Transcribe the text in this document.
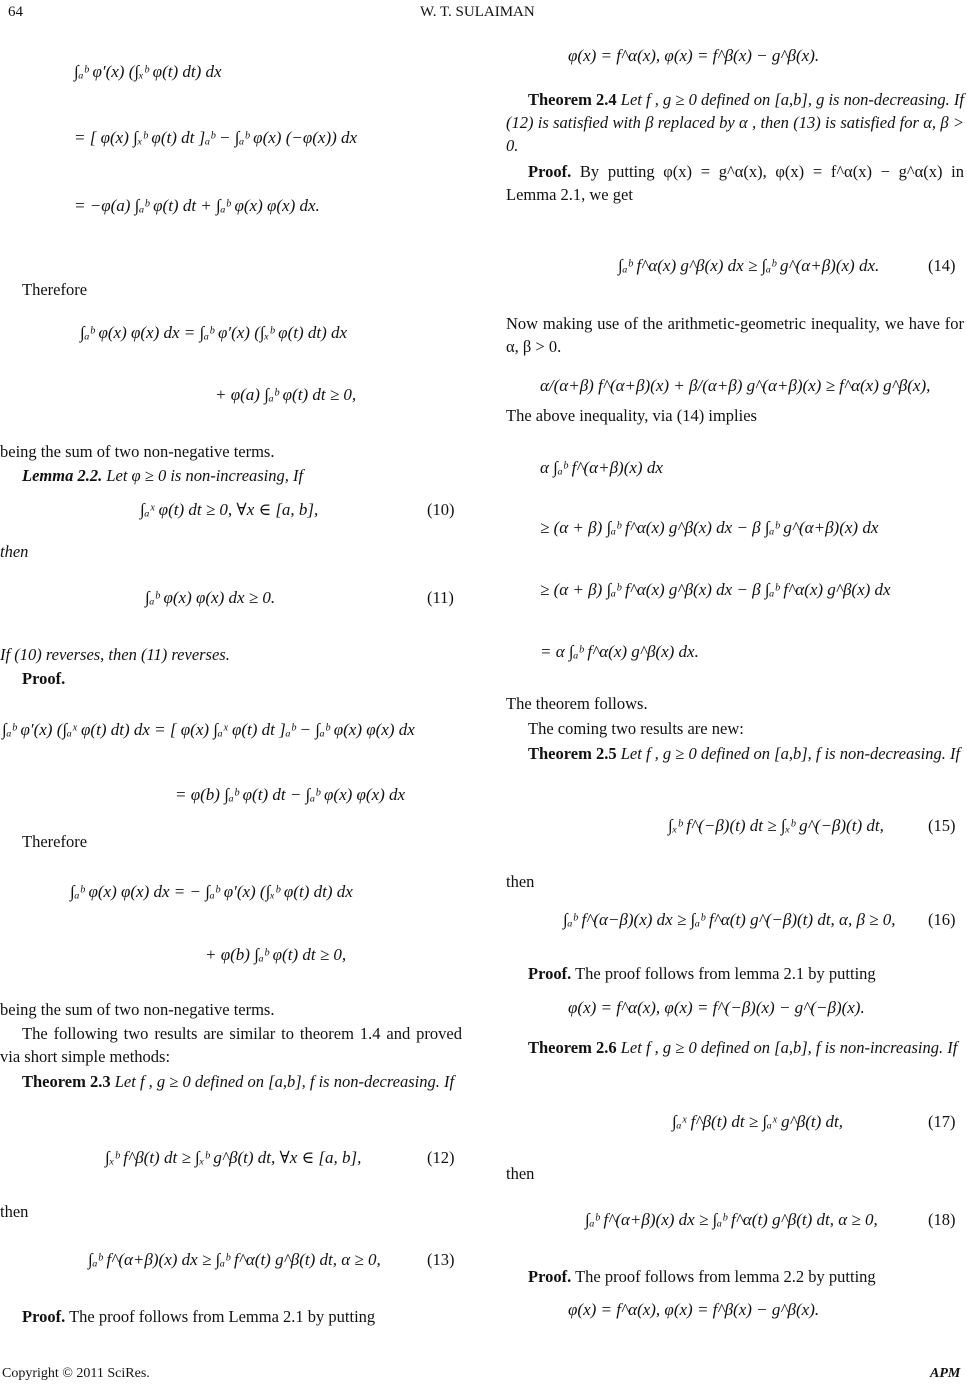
64	W. T. SULAIMAN
∫ₐᵇ φ′(x) (∫ₓᵇ φ(t) dt) dx
= [ φ(x) ∫ₓᵇ φ(t) dt ]ₐᵇ − ∫ₐᵇ φ(x) (−φ(x)) dx
= −φ(a) ∫ₐᵇ φ(t) dt + ∫ₐᵇ φ(x) φ(x) dx.
Therefore
∫ₐᵇ φ(x) φ(x) dx = ∫ₐᵇ φ′(x) (∫ₓᵇ φ(t) dt) dx
+ φ(a) ∫ₐᵇ φ(t) dt ≥ 0,
being the sum of two non-negative terms.
Lemma 2.2. Let φ ≥ 0 is non-increasing, If
∫ₐˣ φ(t) dt ≥ 0, ∀x ∈ [a, b],	(10)
then
∫ₐᵇ φ(x) φ(x) dx ≥ 0.	(11)
If (10) reverses, then (11) reverses.
Proof.
∫ₐᵇ φ′(x) (∫ₐˣ φ(t) dt) dx = [ φ(x) ∫ₐˣ φ(t) dt ]ₐᵇ − ∫ₐᵇ φ(x) φ(x) dx
= φ(b) ∫ₐᵇ φ(t) dt − ∫ₐᵇ φ(x) φ(x) dx
Therefore
∫ₐᵇ φ(x) φ(x) dx = − ∫ₐᵇ φ′(x) (∫ₓᵇ φ(t) dt) dx
+ φ(b) ∫ₐᵇ φ(t) dt ≥ 0,
being the sum of two non-negative terms.
The following two results are similar to theorem 1.4 and proved via short simple methods:
Theorem 2.3 Let f , g ≥ 0 defined on [a,b], f is non-decreasing. If
∫ₓᵇ f^β(t) dt ≥ ∫ₓᵇ g^β(t) dt, ∀x ∈ [a, b],	(12)
then
∫ₐᵇ f^(α+β)(x) dx ≥ ∫ₐᵇ f^α(t) g^β(t) dt, α ≥ 0,	(13)
Proof. The proof follows from Lemma 2.1 by putting
φ(x) = f^α(x), φ(x) = f^β(x) − g^β(x).
Theorem 2.4 Let f , g ≥ 0 defined on [a,b], g is non-decreasing. If (12) is satisfied with β replaced by α , then (13) is satisfied for α, β > 0.
Proof. By putting φ(x) = g^α(x), φ(x) = f^α(x) − g^α(x) in Lemma 2.1, we get
∫ₐᵇ f^α(x) g^β(x) dx ≥ ∫ₐᵇ g^(α+β)(x) dx.	(14)
Now making use of the arithmetic-geometric inequality, we have for α, β > 0.
α/(α+β) f^(α+β)(x) + β/(α+β) g^(α+β)(x) ≥ f^α(x) g^β(x),
The above inequality, via (14) implies
α ∫ₐᵇ f^(α+β)(x) dx
≥ (α + β) ∫ₐᵇ f^α(x) g^β(x) dx − β ∫ₐᵇ g^(α+β)(x) dx
≥ (α + β) ∫ₐᵇ f^α(x) g^β(x) dx − β ∫ₐᵇ f^α(x) g^β(x) dx
= α ∫ₐᵇ f^α(x) g^β(x) dx.
The theorem follows.
The coming two results are new:
Theorem 2.5 Let f , g ≥ 0 defined on [a,b], f is non-decreasing. If
∫ₓᵇ f^(−β)(t) dt ≥ ∫ₓᵇ g^(−β)(t) dt,	(15)
then
∫ₐᵇ f^(α−β)(x) dx ≥ ∫ₐᵇ f^α(t) g^(−β)(t) dt, α, β ≥ 0, (16)
Proof. The proof follows from lemma 2.1 by putting
φ(x) = f^α(x), φ(x) = f^(−β)(x) − g^(−β)(x).
Theorem 2.6 Let f , g ≥ 0 defined on [a,b], f is non-increasing. If
∫ₐˣ f^β(t) dt ≥ ∫ₐˣ g^β(t) dt,	(17)
then
∫ₐᵇ f^(α+β)(x) dx ≥ ∫ₐᵇ f^α(t) g^β(t) dt, α ≥ 0,	(18)
Proof. The proof follows from lemma 2.2 by putting
φ(x) = f^α(x), φ(x) = f^β(x) − g^β(x).
Copyright © 2011 SciRes.	APM
